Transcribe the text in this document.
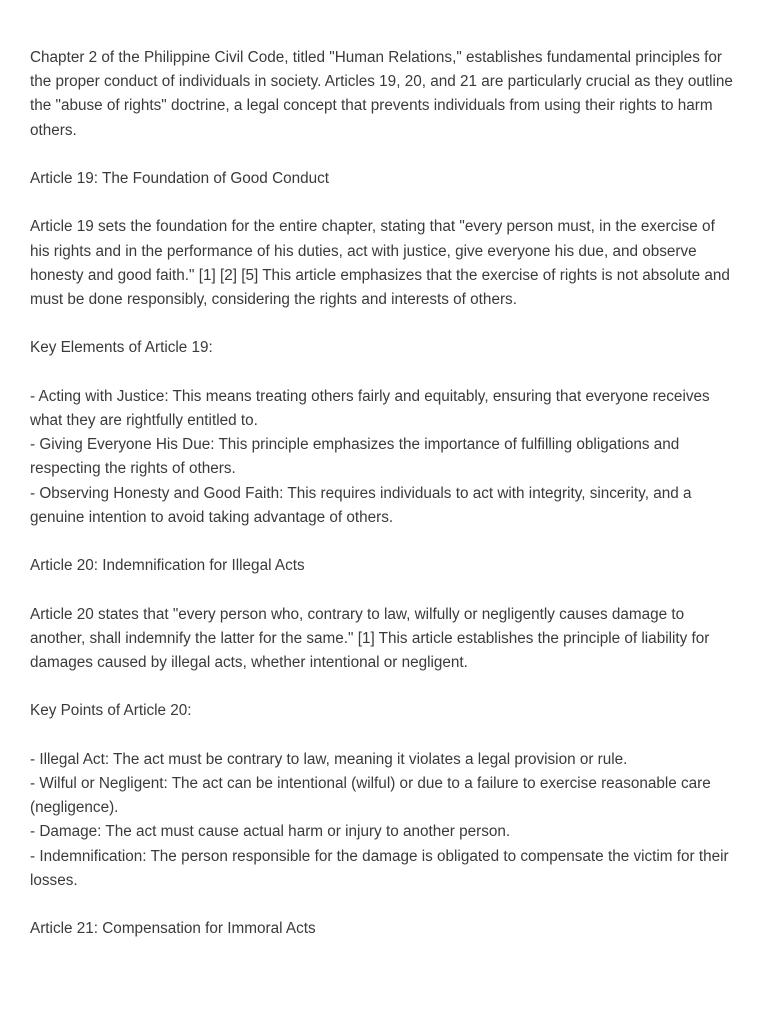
Chapter 2 of the Philippine Civil Code, titled "Human Relations," establishes fundamental principles for the proper conduct of individuals in society. Articles 19, 20, and 21 are particularly crucial as they outline the "abuse of rights" doctrine, a legal concept that prevents individuals from using their rights to harm others.

Article 19: The Foundation of Good Conduct

Article 19 sets the foundation for the entire chapter, stating that "every person must, in the exercise of his rights and in the performance of his duties, act with justice, give everyone his due, and observe honesty and good faith." [1] [2] [5] This article emphasizes that the exercise of rights is not absolute and must be done responsibly, considering the rights and interests of others.

Key Elements of Article 19:

- Acting with Justice: This means treating others fairly and equitably, ensuring that everyone receives what they are rightfully entitled to.

- Giving Everyone His Due: This principle emphasizes the importance of fulfilling obligations and respecting the rights of others.

- Observing Honesty and Good Faith: This requires individuals to act with integrity, sincerity, and a genuine intention to avoid taking advantage of others.

Article 20: Indemnification for Illegal Acts

Article 20 states that "every person who, contrary to law, wilfully or negligently causes damage to another, shall indemnify the latter for the same." [1] This article establishes the principle of liability for damages caused by illegal acts, whether intentional or negligent.

Key Points of Article 20:

- Illegal Act: The act must be contrary to law, meaning it violates a legal provision or rule.

- Wilful or Negligent: The act can be intentional (wilful) or due to a failure to exercise reasonable care (negligence).

- Damage: The act must cause actual harm or injury to another person.

- Indemnification: The person responsible for the damage is obligated to compensate the victim for their losses.

Article 21: Compensation for Immoral Acts
